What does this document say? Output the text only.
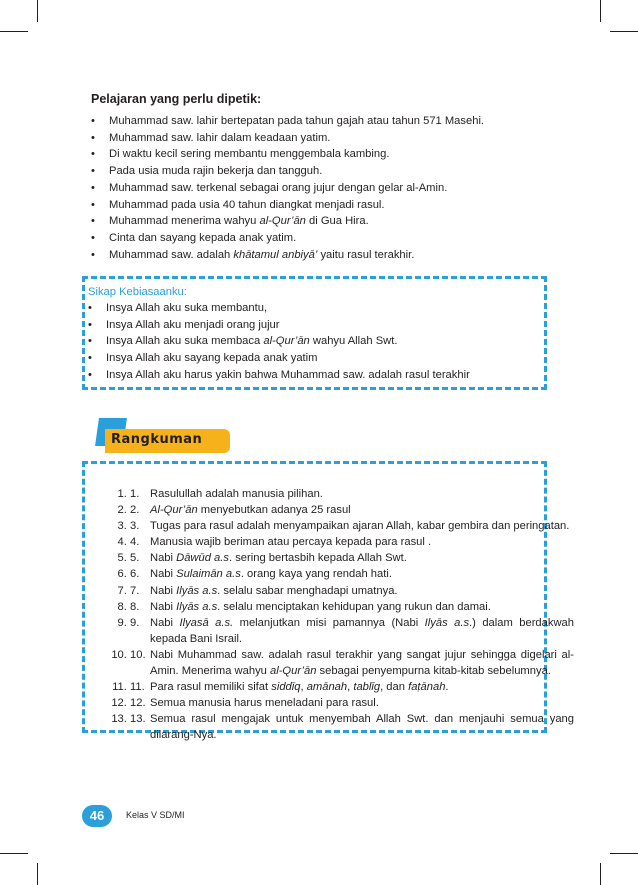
Pelajaran yang perlu dipetik:
• Muhammad saw. lahir bertepatan pada tahun gajah atau tahun 571 Masehi.
• Muhammad saw. lahir dalam keadaan yatim.
• Di waktu kecil sering membantu menggembala kambing.
• Pada usia muda rajin bekerja dan tangguh.
• Muhammad saw. terkenal sebagai orang jujur dengan gelar al-Amin.
• Muhammad pada usia 40 tahun diangkat menjadi rasul.
• Muhammad menerima wahyu al-Qur’ān di Gua Hira.
• Cinta dan sayang kepada anak yatim.
• Muhammad saw. adalah khātamul anbiyā’ yaitu rasul terakhir.
Sikap Kebiasaanku:
• Insya Allah aku suka membantu,
• Insya Allah aku menjadi orang jujur
• Insya Allah aku suka membaca al-Qur’ān wahyu Allah Swt.
• Insya Allah aku sayang kepada anak yatim
• Insya Allah aku harus yakin bahwa Muhammad saw. adalah rasul terakhir
Rangkuman
1. 1. Rasulullah adalah manusia pilihan.
2. 2. Al-Qur’ān menyebutkan adanya 25 rasul
3. 3. Tugas para rasul adalah menyampaikan ajaran Allah, kabar gembira dan peringatan.
4. 4. Manusia wajib beriman atau percaya kepada para rasul .
5. 5. Nabi Dāwūd a.s. sering bertasbih kepada Allah Swt.
6. 6. Nabi Sulaimān a.s. orang kaya yang rendah hati.
7. 7. Nabi Ilyās a.s. selalu sabar menghadapi umatnya.
8. 8. Nabi Ilyās a.s. selalu menciptakan kehidupan yang rukun dan damai.
9. 9. Nabi Ilyasā a.s. melanjutkan misi pamannya (Nabi Ilyās a.s.) dalam berdakwah kepada Bani Israil.
10. 10. Nabi Muhammad saw. adalah rasul terakhir yang sangat jujur sehingga digelari al-Amin. Menerima wahyu al-Qur’ān sebagai penyempurna kitab-kitab sebelumnya.
11. 11. Para rasul memiliki sifat siddīq, amānah, tablīg, dan faṭānah.
12. 12. Semua manusia harus meneladani para rasul.
13. 13. Semua rasul mengajak untuk menyembah Allah Swt. dan menjauhi semua yang dilarang-Nya.
46	Kelas V SD/MI
